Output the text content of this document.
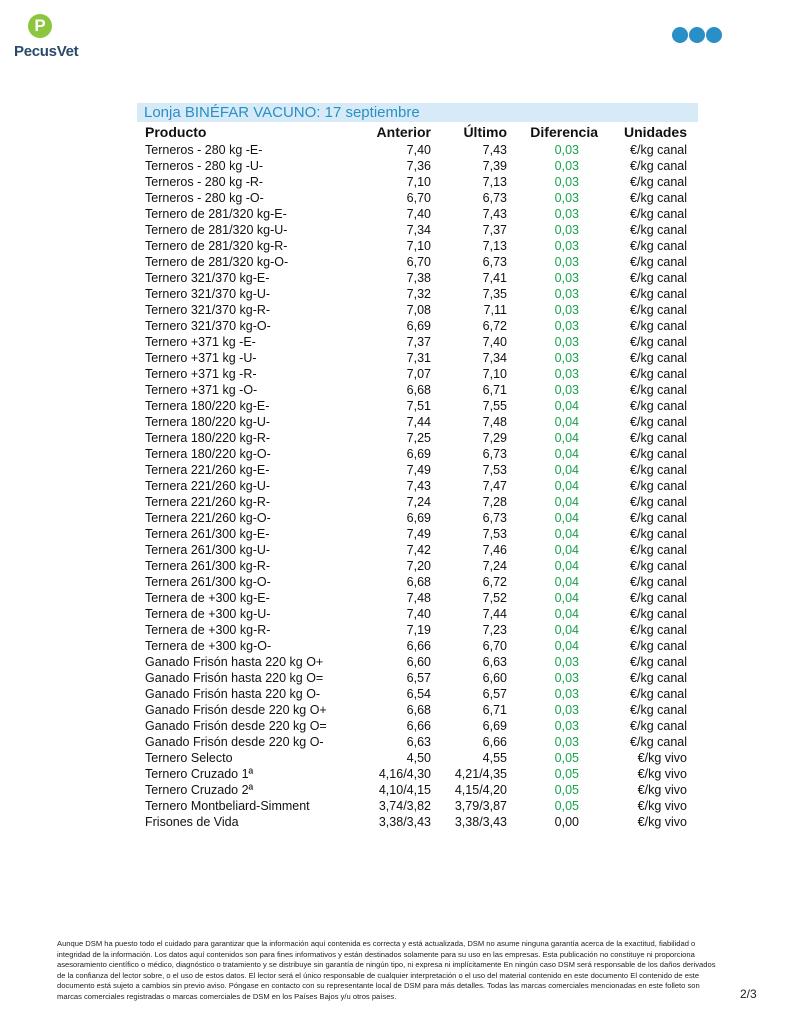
P
PecusVet
Lonja BINÉFAR VACUNO: 17 septiembre
Producto	Anterior	Último	Diferencia	Unidades
Terneros - 280 kg -E-	7,40	7,43	0,03	€/kg canal
Terneros - 280 kg -U-	7,36	7,39	0,03	€/kg canal
Terneros - 280 kg -R-	7,10	7,13	0,03	€/kg canal
Terneros - 280 kg -O-	6,70	6,73	0,03	€/kg canal
Ternero de 281/320 kg-E-	7,40	7,43	0,03	€/kg canal
Ternero de 281/320 kg-U-	7,34	7,37	0,03	€/kg canal
Ternero de 281/320 kg-R-	7,10	7,13	0,03	€/kg canal
Ternero de 281/320 kg-O-	6,70	6,73	0,03	€/kg canal
Ternero 321/370 kg-E-	7,38	7,41	0,03	€/kg canal
Ternero 321/370 kg-U-	7,32	7,35	0,03	€/kg canal
Ternero 321/370 kg-R-	7,08	7,11	0,03	€/kg canal
Ternero 321/370 kg-O-	6,69	6,72	0,03	€/kg canal
Ternero +371 kg -E-	7,37	7,40	0,03	€/kg canal
Ternero +371 kg -U-	7,31	7,34	0,03	€/kg canal
Ternero +371 kg -R-	7,07	7,10	0,03	€/kg canal
Ternero +371 kg -O-	6,68	6,71	0,03	€/kg canal
Ternera 180/220 kg-E-	7,51	7,55	0,04	€/kg canal
Ternera 180/220 kg-U-	7,44	7,48	0,04	€/kg canal
Ternera 180/220 kg-R-	7,25	7,29	0,04	€/kg canal
Ternera 180/220 kg-O-	6,69	6,73	0,04	€/kg canal
Ternera 221/260 kg-E-	7,49	7,53	0,04	€/kg canal
Ternera 221/260 kg-U-	7,43	7,47	0,04	€/kg canal
Ternera 221/260 kg-R-	7,24	7,28	0,04	€/kg canal
Ternera 221/260 kg-O-	6,69	6,73	0,04	€/kg canal
Ternera 261/300 kg-E-	7,49	7,53	0,04	€/kg canal
Ternera 261/300 kg-U-	7,42	7,46	0,04	€/kg canal
Ternera 261/300 kg-R-	7,20	7,24	0,04	€/kg canal
Ternera 261/300 kg-O-	6,68	6,72	0,04	€/kg canal
Ternera de +300 kg-E-	7,48	7,52	0,04	€/kg canal
Ternera de +300 kg-U-	7,40	7,44	0,04	€/kg canal
Ternera de +300 kg-R-	7,19	7,23	0,04	€/kg canal
Ternera de +300 kg-O-	6,66	6,70	0,04	€/kg canal
Ganado Frisón hasta 220 kg O+	6,60	6,63	0,03	€/kg canal
Ganado Frisón hasta 220 kg O=	6,57	6,60	0,03	€/kg canal
Ganado Frisón hasta 220 kg O-	6,54	6,57	0,03	€/kg canal
Ganado Frisón desde 220 kg O+	6,68	6,71	0,03	€/kg canal
Ganado Frisón desde 220 kg O=	6,66	6,69	0,03	€/kg canal
Ganado Frisón desde 220 kg O-	6,63	6,66	0,03	€/kg canal
Ternero Selecto	4,50	4,55	0,05	€/kg vivo
Ternero Cruzado 1ª	4,16/4,30	4,21/4,35	0,05	€/kg vivo
Ternero Cruzado 2ª	4,10/4,15	4,15/4,20	0,05	€/kg vivo
Ternero Montbeliard-Simment	3,74/3,82	3,79/3,87	0,05	€/kg vivo
Frisones de Vida	3,38/3,43	3,38/3,43	0,00	€/kg vivo
Aunque DSM ha puesto todo el cuidado para garantizar que la información aquí contenida es correcta y está actualizada, DSM no asume ninguna garantía acerca de la exactitud, fiabilidad o integridad de la información. Los datos aquí contenidos son para fines informativos y están destinados solamente para su uso en las empresas. Esta publicación no constituye ni proporciona asesoramiento científico o médico, diagnóstico o tratamiento y se distribuye sin garantía de ningún tipo, ni expresa ni implícitamente En ningún caso DSM será responsable de los daños derivados de la confianza del lector sobre, o el uso de estos datos. El lector será el único responsable de cualquier interpretación o el uso del material contenido en este documento El contenido de este documento está sujeto a cambios sin previo aviso. Póngase en contacto con su representante local de DSM para más detalles. Todas las marcas comerciales mencionadas en este folleto son marcas comerciales registradas o marcas comerciales de DSM en los Países Bajos y/u otros países.	2/3
